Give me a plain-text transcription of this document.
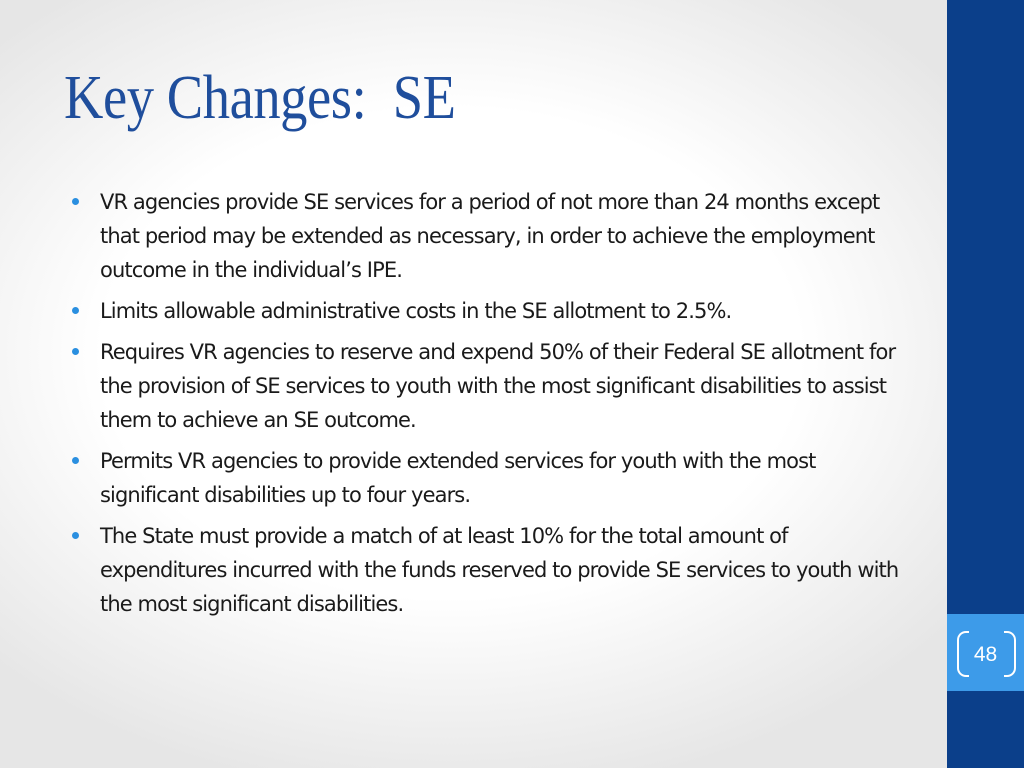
Key Changes:  SE
VR agencies provide SE services for a period of not more than 24 months except that period may be extended as necessary, in order to achieve the employment outcome in the individual’s IPE.
Limits allowable administrative costs in the SE allotment to 2.5%.
Requires VR agencies to reserve and expend 50% of their Federal SE allotment for the provision of SE services to youth with the most significant disabilities to assist them to achieve an SE outcome.
Permits VR agencies to provide extended services for youth with the most significant disabilities up to four years.
The State must provide a match of at least 10% for the total amount of expenditures incurred with the funds reserved to provide SE services to youth with the most significant disabilities.
48
